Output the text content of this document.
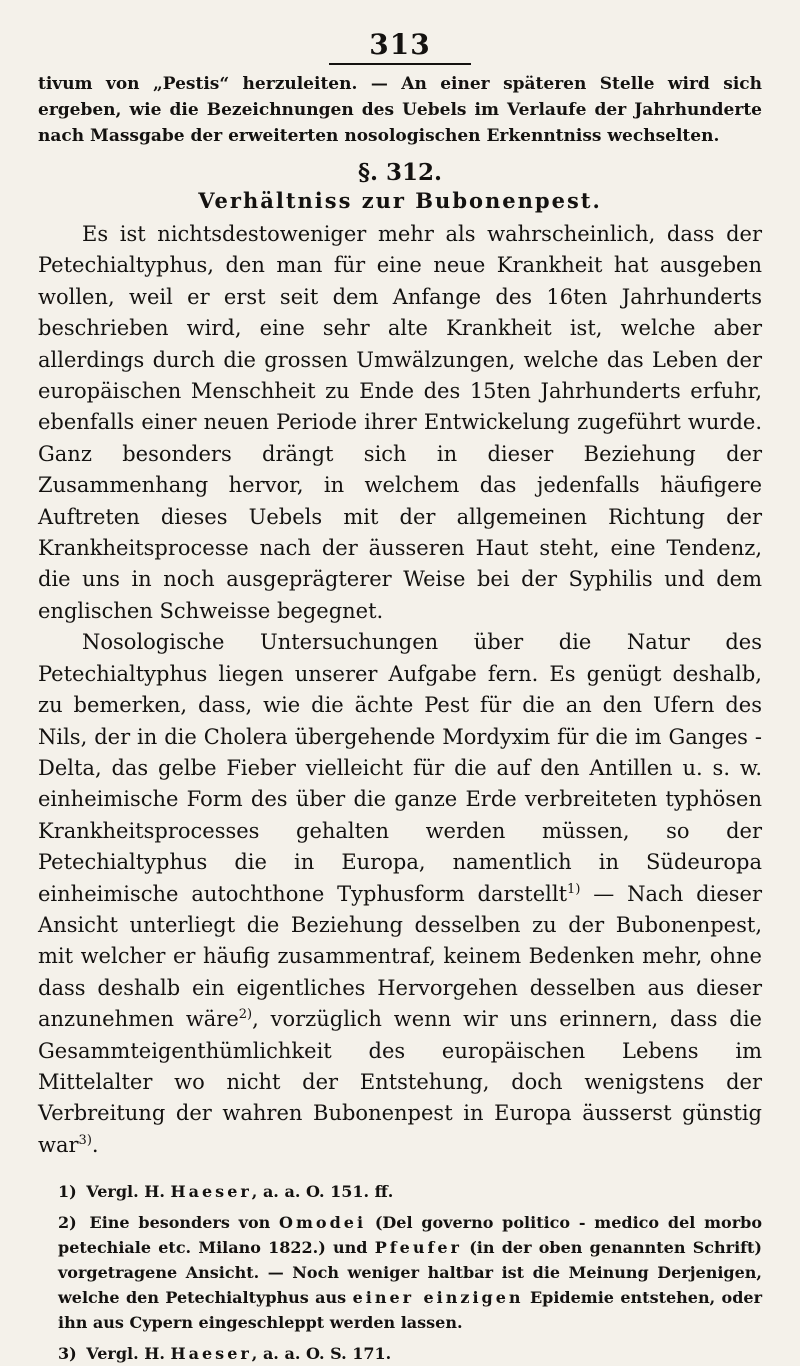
313

tivum von „Pestis“ herzuleiten. — An einer späteren Stelle wird sich ergeben, wie die Bezeichnungen des Uebels im Verlaufe der Jahrhunderte nach Massgabe der erweiterten nosologischen Erkenntniss wechselten.

§. 312.
Verhältniss zur Bubonenpest.

Es ist nichtsdestoweniger mehr als wahrscheinlich, dass der Petechialtyphus, den man für eine neue Krankheit hat ausgeben wollen, weil er erst seit dem Anfange des 16ten Jahrhunderts beschrieben wird, eine sehr alte Krankheit ist, welche aber allerdings durch die grossen Umwälzungen, welche das Leben der europäischen Menschheit zu Ende des 15ten Jahrhunderts erfuhr, ebenfalls einer neuen Periode ihrer Entwickelung zugeführt wurde. Ganz besonders drängt sich in dieser Beziehung der Zusammenhang hervor, in welchem das jedenfalls häufigere Auftreten dieses Uebels mit der allgemeinen Richtung der Krankheitsprocesse nach der äusseren Haut steht, eine Tendenz, die uns in noch ausgeprägterer Weise bei der Syphilis und dem englischen Schweisse begegnet.

Nosologische Untersuchungen über die Natur des Petechialtyphus liegen unserer Aufgabe fern. Es genügt deshalb, zu bemerken, dass, wie die ächte Pest für die an den Ufern des Nils, der in die Cholera übergehende Mordyxim für die im Ganges - Delta, das gelbe Fieber vielleicht für die auf den Antillen u. s. w. einheimische Form des über die ganze Erde verbreiteten typhösen Krankheitsprocesses gehalten werden müssen, so der Petechialtyphus die in Europa, namentlich in Südeuropa einheimische autochthone Typhusform darstellt$^{1)}$ — Nach dieser Ansicht unterliegt die Beziehung desselben zu der Bubonenpest, mit welcher er häufig zusammentraf, keinem Bedenken mehr, ohne dass deshalb ein eigentliches Hervorgehen desselben aus dieser anzunehmen wäre$^{2)}$, vorzüglich wenn wir uns erinnern, dass die Gesammteigenthümlichkeit des europäischen Lebens im Mittelalter wo nicht der Entstehung, doch wenigstens der Verbreitung der wahren Bubonenpest in Europa äusserst günstig war$^{3)}$.

1) Vergl. H. Haeser, a. a. O. 151. ff.

2) Eine besonders von Omodei (Del governo politico - medico del morbo petechiale etc. Milano 1822.) und Pfeufer (in der oben genannten Schrift) vorgetragene Ansicht. — Noch weniger haltbar ist die Meinung Derjenigen, welche den Petechialtyphus aus einer einzigen Epidemie entstehen, oder ihn aus Cypern eingeschleppt werden lassen.

3) Vergl. H. Haeser, a. a. O. S. 171.
